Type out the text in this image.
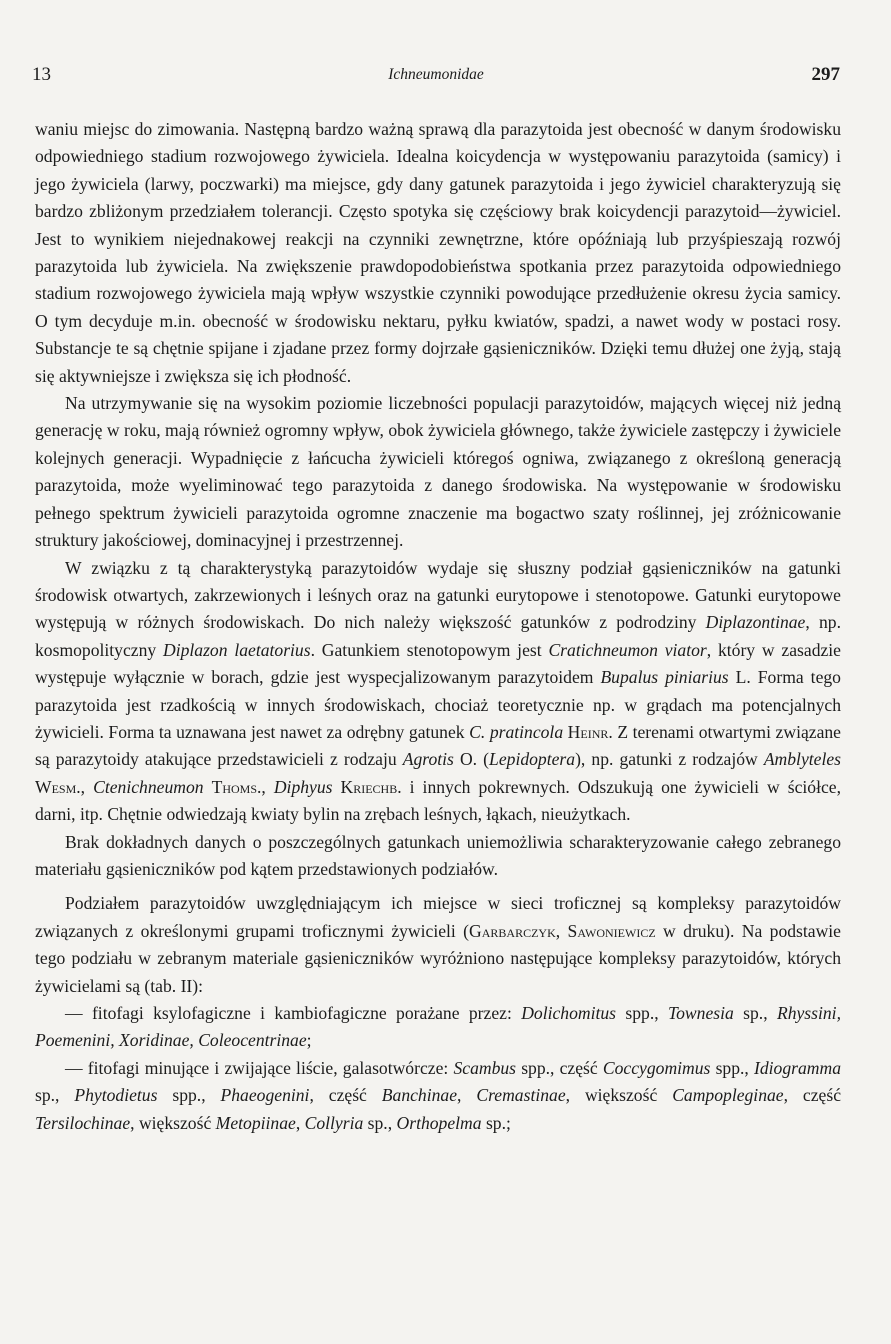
13	Ichneumonidae	297

waniu miejsc do zimowania. Następną bardzo ważną sprawą dla parazytoida jest obecność w danym środowisku odpowiedniego stadium rozwojowego żywiciela. Idealna koicydencja w występowaniu parazytoida (samicy) i jego żywiciela (larwy, poczwarki) ma miejsce, gdy dany gatunek parazytoida i jego żywiciel charakteryzują się bardzo zbliżonym przedziałem tolerancji. Często spotyka się częściowy brak koicydencji parazytoid—żywiciel. Jest to wynikiem niejednakowej reakcji na czynniki zewnętrzne, które opóźniają lub przyśpieszają rozwój parazytoida lub żywiciela. Na zwiększenie prawdopodobieństwa spotkania przez parazytoida odpowiedniego stadium rozwojowego żywiciela mają wpływ wszystkie czynniki powodujące przedłużenie okresu życia samicy. O tym decyduje m.in. obecność w środowisku nektaru, pyłku kwiatów, spadzi, a nawet wody w postaci rosy. Substancje te są chętnie spijane i zjadane przez formy dojrzałe gąsieniczników. Dzięki temu dłużej one żyją, stają się aktywniejsze i zwiększa się ich płodność.

Na utrzymywanie się na wysokim poziomie liczebności populacji parazytoidów, mających więcej niż jedną generację w roku, mają również ogromny wpływ, obok żywiciela głównego, także żywiciele zastępczy i żywiciele kolejnych generacji. Wypadnięcie z łańcucha żywicieli któregoś ogniwa, związanego z określoną generacją parazytoida, może wyeliminować tego parazytoida z danego środowiska. Na występowanie w środowisku pełnego spektrum żywicieli parazytoida ogromne znaczenie ma bogactwo szaty roślinnej, jej zróżnicowanie struktury jakościowej, dominacyjnej i przestrzennej.

W związku z tą charakterystyką parazytoidów wydaje się słuszny podział gąsieniczników na gatunki środowisk otwartych, zakrzewionych i leśnych oraz na gatunki eurytopowe i stenotopowe. Gatunki eurytopowe występują w różnych środowiskach. Do nich należy większość gatunków z podrodziny Diplazontinae, np. kosmopolityczny Diplazon laetatorius. Gatunkiem stenotopowym jest Cratichneumon viator, który w zasadzie występuje wyłącznie w borach, gdzie jest wyspecjalizowanym parazytoidem Bupalus piniarius L. Forma tego parazytoida jest rzadkością w innych środowiskach, chociaż teoretycznie np. w grądach ma potencjalnych żywicieli. Forma ta uznawana jest nawet za odrębny gatunek C. pratincola Heinr. Z terenami otwartymi związane są parazytoidy atakujące przedstawicieli z rodzaju Agrotis O. (Lepidoptera), np. gatunki z rodzajów Amblyteles Wesm., Ctenichneumon Thoms., Diphyus Kriechb. i innych pokrewnych. Odszukują one żywicieli w ściółce, darni, itp. Chętnie odwiedzają kwiaty bylin na zrębach leśnych, łąkach, nieużytkach.

Brak dokładnych danych o poszczególnych gatunkach uniemożliwia scharakteryzowanie całego zebranego materiału gąsieniczników pod kątem przedstawionych podziałów.

Podziałem parazytoidów uwzględniającym ich miejsce w sieci troficznej są kompleksy parazytoidów związanych z określonymi grupami troficznymi żywicieli (Garbarczyk, Sawoniewicz w druku). Na podstawie tego podziału w zebranym materiale gąsieniczników wyróżniono następujące kompleksy parazytoidów, których żywicielami są (tab. II):

— fitofagi ksylofagiczne i kambiofagiczne porażane przez: Dolichomitus spp., Townesia sp., Rhyssini, Poemenini, Xoridinae, Coleocentrinae;

— fitofagi minujące i zwijające liście, galasotwórcze: Scambus spp., część Coccygomimus spp., Idiogramma sp., Phytodietus spp., Phaeogenini, część Banchinae, Cremastinae, większość Campopleginae, część Tersilochinae, większość Metopiinae, Collyria sp., Orthopelma sp.;
